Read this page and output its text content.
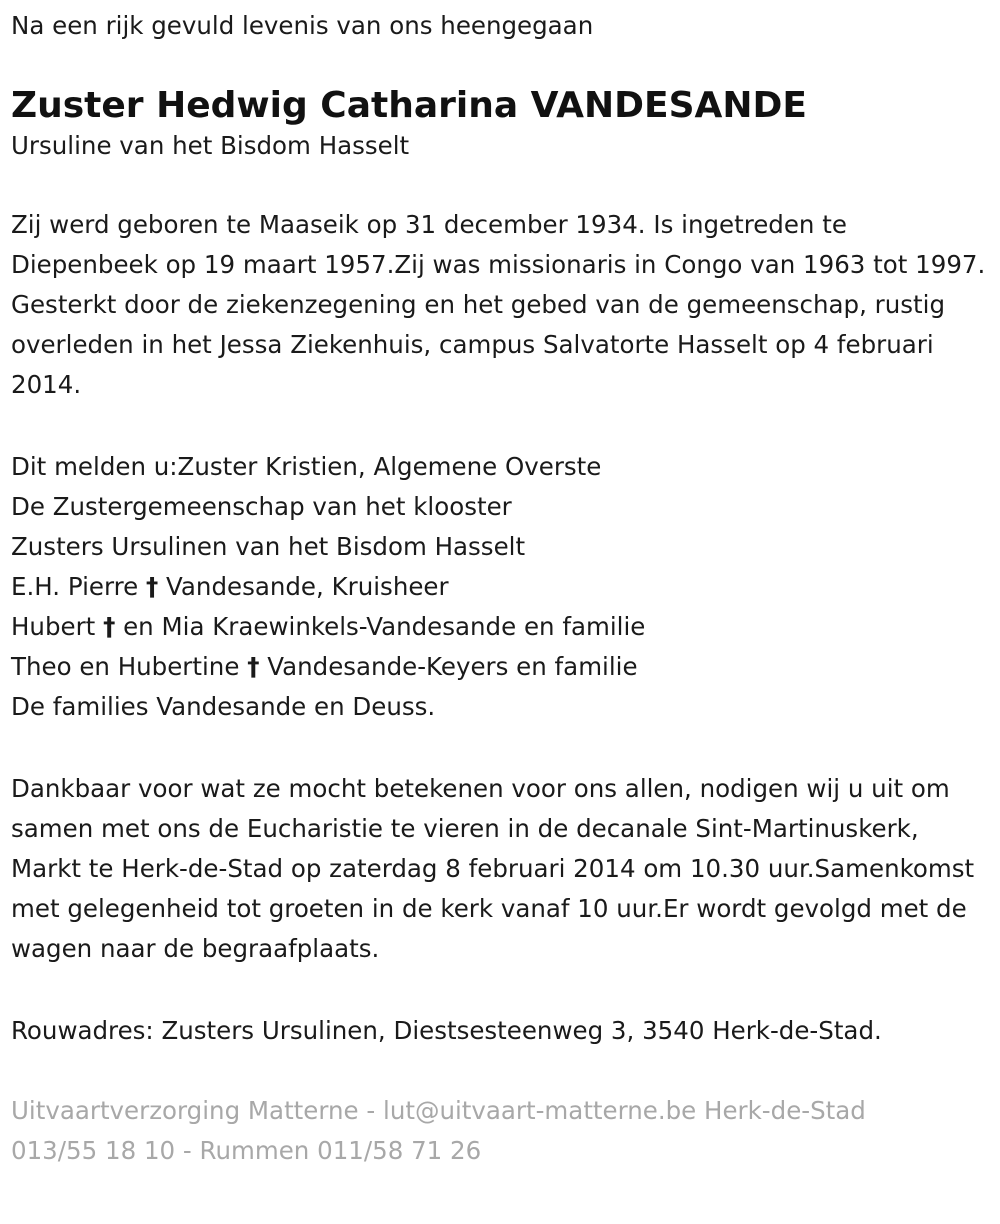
Na een rijk gevuld levenis van ons heengegaan

Zuster Hedwig Catharina VANDESANDE

Ursuline van het Bisdom Hasselt

Zij werd geboren te Maaseik op 31 december 1934. Is ingetreden te Diepenbeek op 19 maart 1957.Zij was missionaris in Congo van 1963 tot 1997.

Gesterkt door de ziekenzegening en het gebed van de gemeenschap, rustig overleden in het Jessa Ziekenhuis, campus Salvatorte Hasselt op 4 februari 2014.

Dit melden u:Zuster Kristien, Algemene Overste
De Zustergemeenschap van het klooster
Zusters Ursulinen van het Bisdom Hasselt
E.H. Pierre † Vandesande, Kruisheer
Hubert † en Mia Kraewinkels-Vandesande en familie
Theo en Hubertine † Vandesande-Keyers en familie
De families Vandesande en Deuss.

Dankbaar voor wat ze mocht betekenen voor ons allen, nodigen wij u uit om samen met ons de Eucharistie te vieren in de decanale Sint-Martinuskerk, Markt te Herk-de-Stad op zaterdag 8 februari 2014 om 10.30 uur.Samenkomst met gelegenheid tot groeten in de kerk vanaf 10 uur.Er wordt gevolgd met de wagen naar de begraafplaats.

Rouwadres: Zusters Ursulinen, Diestsesteenweg 3, 3540 Herk-de-Stad.

Uitvaartverzorging Matterne - lut@uitvaart-matterne.be Herk-de-Stad
013/55 18 10 - Rummen 011/58 71 26
